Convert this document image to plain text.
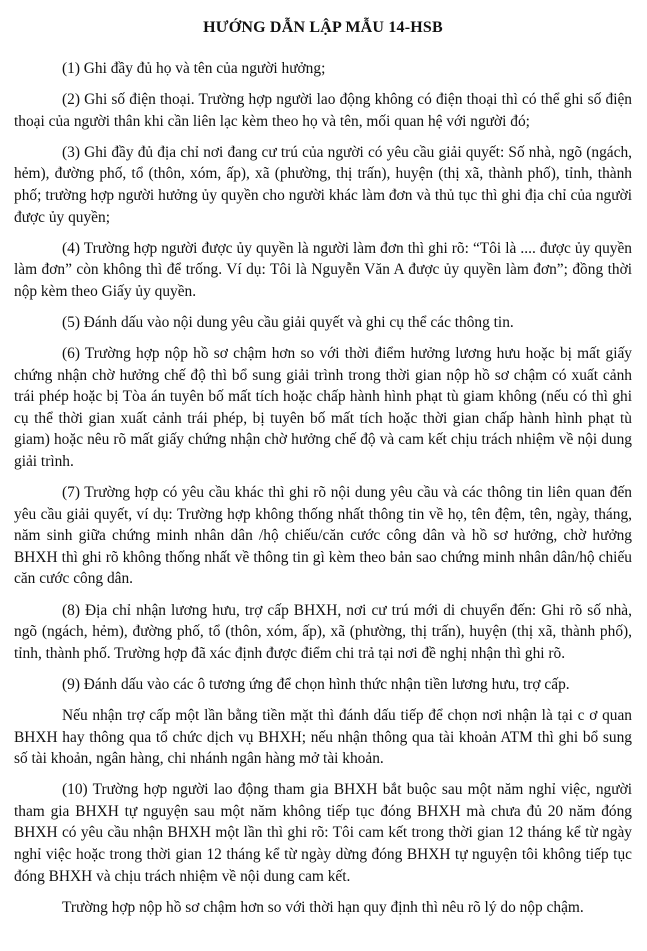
HƯỚNG DẪN LẬP MẪU 14-HSB

(1) Ghi đầy đủ họ và tên của người hưởng;

(2) Ghi số điện thoại. Trường hợp người lao động không có điện thoại thì có thể ghi số điện thoại của người thân khi cần liên lạc kèm theo họ và tên, mối quan hệ với người đó;

(3) Ghi đầy đủ địa chỉ nơi đang cư trú của người có yêu cầu giải quyết: Số nhà, ngõ (ngách, hẻm), đường phố, tổ (thôn, xóm, ấp), xã (phường, thị trấn), huyện (thị xã, thành phố), tỉnh, thành phố; trường hợp người hưởng ủy quyền cho người khác làm đơn và thủ tục thì ghi địa chỉ của người được ủy quyền;

(4) Trường hợp người được ủy quyền là người làm đơn thì ghi rõ: “Tôi là .... được ủy quyền làm đơn” còn không thì để trống. Ví dụ: Tôi là Nguyễn Văn A được ủy quyền làm đơn”; đồng thời nộp kèm theo Giấy ủy quyền.

(5) Đánh dấu vào nội dung yêu cầu giải quyết và ghi cụ thể các thông tin.

(6) Trường hợp nộp hồ sơ chậm hơn so với thời điểm hưởng lương hưu hoặc bị mất giấy chứng nhận chờ hưởng chế độ thì bổ sung giải trình trong thời gian nộp hồ sơ chậm có xuất cảnh trái phép hoặc bị Tòa án tuyên bố mất tích hoặc chấp hành hình phạt tù giam không (nếu có thì ghi cụ thể thời gian xuất cảnh trái phép, bị tuyên bố mất tích hoặc thời gian chấp hành hình phạt tù giam) hoặc nêu rõ mất giấy chứng nhận chờ hưởng chế độ và cam kết chịu trách nhiệm về nội dung giải trình.

(7) Trường hợp có yêu cầu khác thì ghi rõ nội dung yêu cầu và các thông tin liên quan đến yêu cầu giải quyết, ví dụ: Trường hợp không thống nhất thông tin về họ, tên đệm, tên, ngày, tháng, năm sinh giữa chứng minh nhân dân /hộ chiếu/căn cước công dân và hồ sơ hưởng, chờ hưởng BHXH thì ghi rõ không thống nhất về thông tin gì kèm theo bản sao chứng minh nhân dân/hộ chiếu căn cước công dân.

(8) Địa chỉ nhận lương hưu, trợ cấp BHXH, nơi cư trú mới di chuyển đến: Ghi rõ số nhà, ngõ (ngách, hẻm), đường phố, tổ (thôn, xóm, ấp), xã (phường, thị trấn), huyện (thị xã, thành phố), tỉnh, thành phố. Trường hợp đã xác định được điểm chi trả tại nơi đề nghị nhận thì ghi rõ.

(9) Đánh dấu vào các ô tương ứng để chọn hình thức nhận tiền lương hưu, trợ cấp.

Nếu nhận trợ cấp một lần bằng tiền mặt thì đánh dấu tiếp để chọn nơi nhận là tại c ơ quan BHXH hay thông qua tổ chức dịch vụ BHXH; nếu nhận thông qua tài khoản ATM thì ghi bổ sung số tài khoản, ngân hàng, chi nhánh ngân hàng mở tài khoản.

(10) Trường hợp người lao động tham gia BHXH bắt buộc sau một năm nghỉ việc, người tham gia BHXH tự nguyện sau một năm không tiếp tục đóng BHXH mà chưa đủ 20 năm đóng BHXH có yêu cầu nhận BHXH một lần thì ghi rõ: Tôi cam kết trong thời gian 12 tháng kể từ ngày nghỉ việc hoặc trong thời gian 12 tháng kể từ ngày dừng đóng BHXH tự nguyện tôi không tiếp tục đóng BHXH và chịu trách nhiệm về nội dung cam kết.

Trường hợp nộp hồ sơ chậm hơn so với thời hạn quy định thì nêu rõ lý do nộp chậm.
